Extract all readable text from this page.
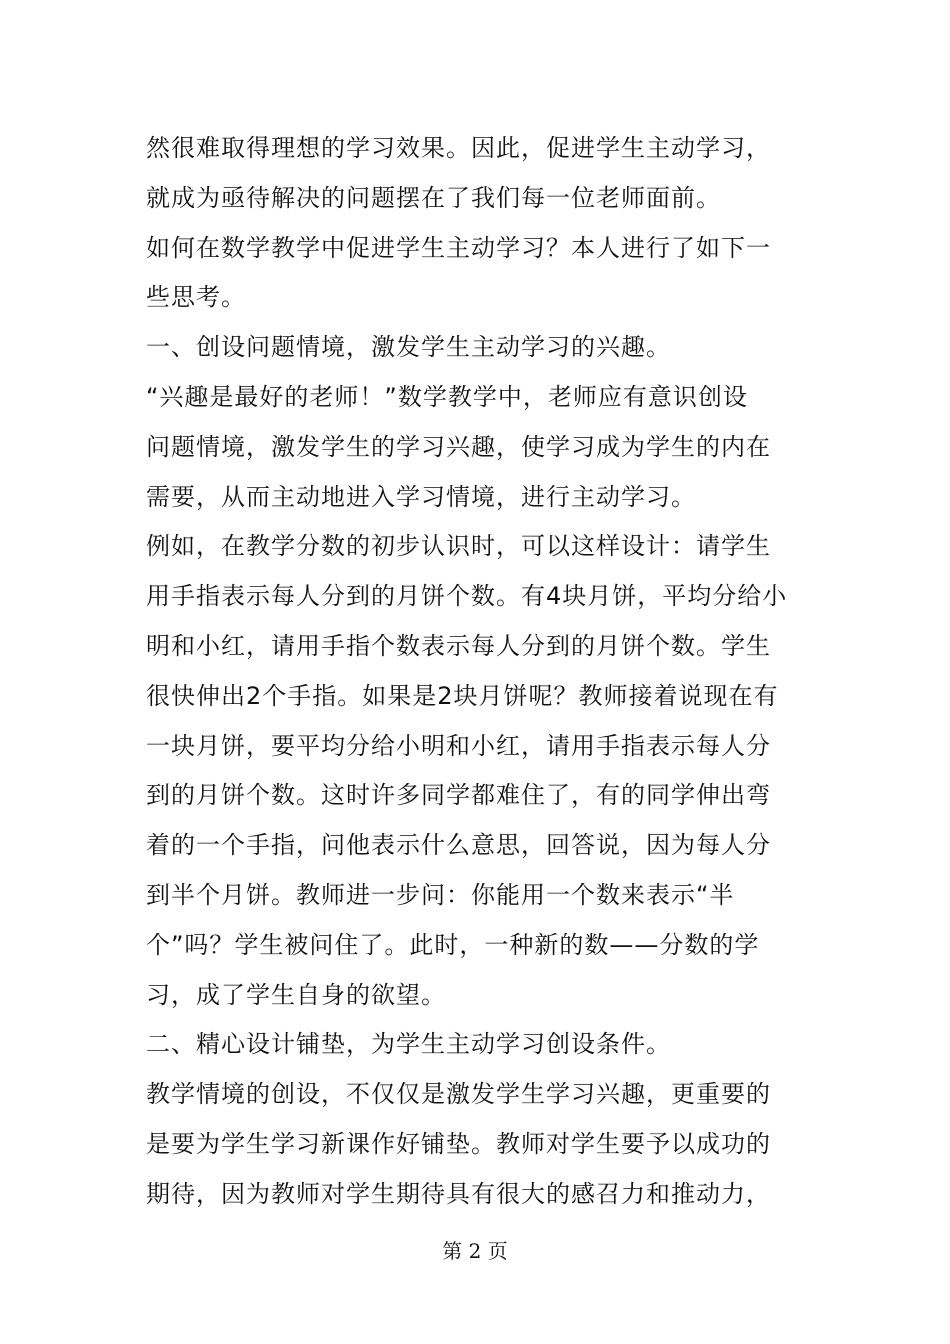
然很难取得理想的学习效果。因此，促进学生主动学习，
就成为亟待解决的问题摆在了我们每一位老师面前。
如何在数学教学中促进学生主动学习？本人进行了如下一
些思考。
一、创设问题情境，激发学生主动学习的兴趣。
“兴趣是最好的老师！”数学教学中，老师应有意识创设
问题情境，激发学生的学习兴趣，使学习成为学生的内在
需要，从而主动地进入学习情境，进行主动学习。
例如，在教学分数的初步认识时，可以这样设计：请学生
用手指表示每人分到的月饼个数。有4块月饼，平均分给小
明和小红，请用手指个数表示每人分到的月饼个数。学生
很快伸出2个手指。如果是2块月饼呢？教师接着说现在有
一块月饼，要平均分给小明和小红，请用手指表示每人分
到的月饼个数。这时许多同学都难住了，有的同学伸出弯
着的一个手指，问他表示什么意思，回答说，因为每人分
到半个月饼。教师进一步问：你能用一个数来表示“半
个”吗？学生被问住了。此时，一种新的数——分数的学
习，成了学生自身的欲望。
二、精心设计铺垫，为学生主动学习创设条件。
教学情境的创设，不仅仅是激发学生学习兴趣，更重要的
是要为学生学习新课作好铺垫。教师对学生要予以成功的
期待，因为教师对学生期待具有很大的感召力和推动力，
第 2 页
